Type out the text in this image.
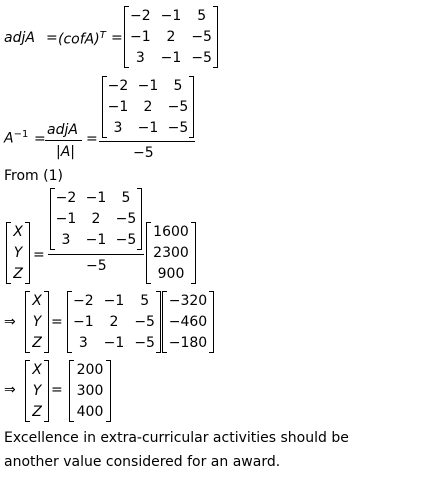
adjA = (cofA)$^T$ =
−2 −1 5
−1 2 −5
3 −1 −5
$A^{-1}$ =
adjA
|A|
=
−2 −1 5
−1 2 −5
3 −1 −5
−5
From (1)
X
Y
Z
=
−2 −1 5
−1 2 −5
3 −1 −5
−5
1600
2300
900
⇒
X
Y
Z
=
−2 −1 5
−1 2 −5
3 −1 −5
−320
−460
−180
⇒
X
Y
Z
=
200
300
400
Excellence in extra-curricular activities should be
another value considered for an award.
